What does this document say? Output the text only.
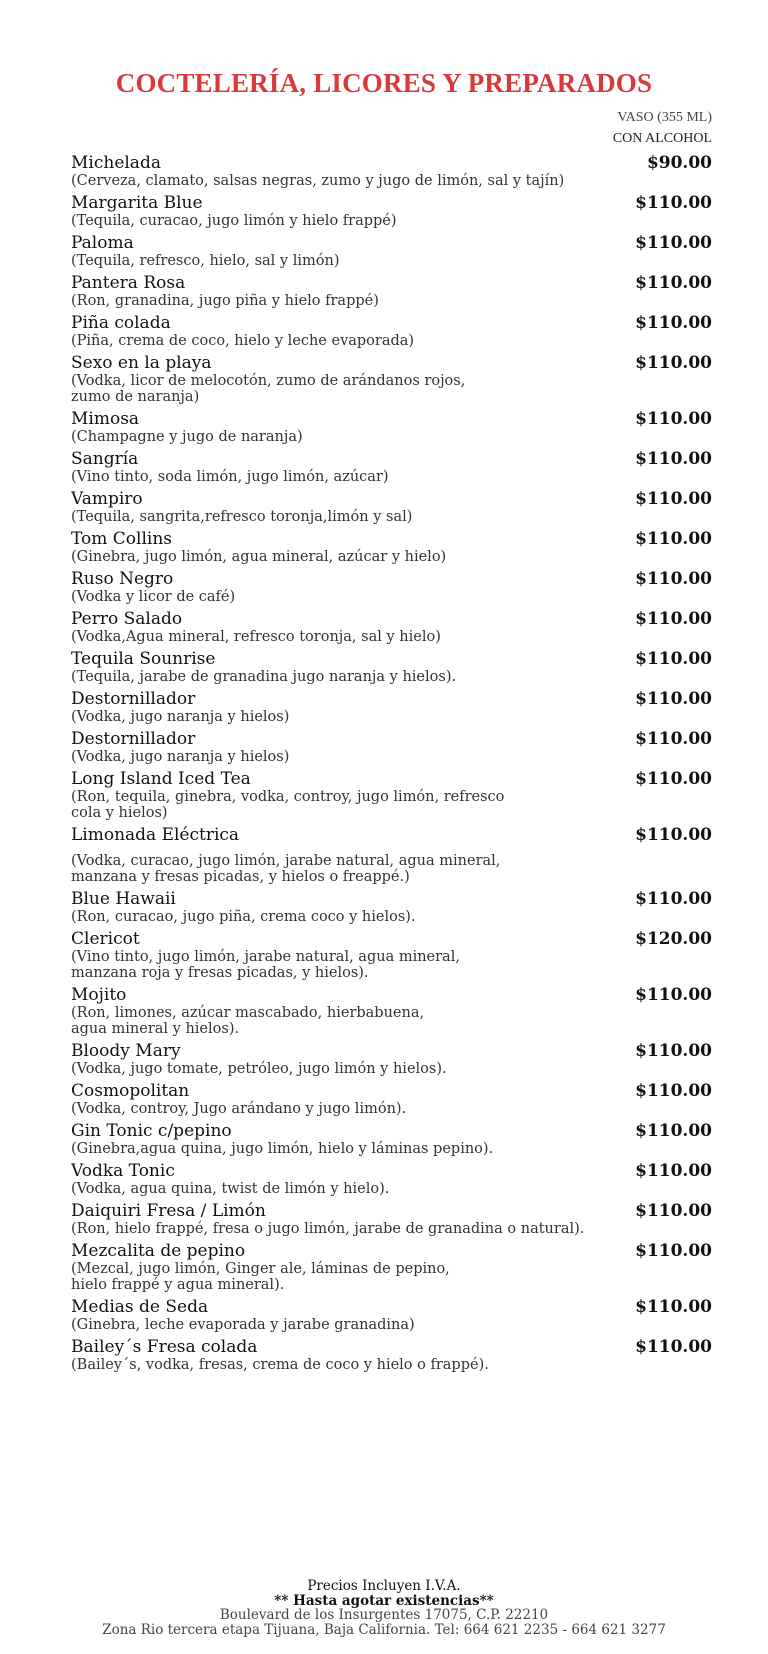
COCTELERÍA, LICORES Y PREPARADOS
VASO (355 ML)
CON ALCOHOL
Michelada
(Cerveza, clamato, salsas negras, zumo y jugo de limón, sal y tajín)
$90.00
Margarita Blue
(Tequila, curacao, jugo limón y hielo frappé)
$110.00
Paloma
(Tequila, refresco, hielo, sal y limón)
$110.00
Pantera Rosa
(Ron, granadina, jugo piña y hielo frappé)
$110.00
Piña colada
(Piña, crema de coco, hielo y leche evaporada)
$110.00
Sexo en la playa
(Vodka, licor de melocotón, zumo de arándanos rojos,
zumo de naranja)
$110.00
Mimosa
(Champagne y jugo de naranja)
$110.00
Sangría
(Vino tinto, soda limón, jugo limón, azúcar)
$110.00
Vampiro
(Tequila, sangrita,refresco toronja,limón y sal)
$110.00
Tom Collins
(Ginebra, jugo limón, agua mineral, azúcar y hielo)
$110.00
Ruso Negro
(Vodka y licor de café)
$110.00
Perro Salado
(Vodka,Agua mineral, refresco toronja, sal y hielo)
$110.00
Tequila Sounrise
(Tequila, jarabe de granadina jugo naranja y hielos).
$110.00
Destornillador
(Vodka, jugo naranja y hielos)
$110.00
Destornillador
(Vodka, jugo naranja y hielos)
$110.00
Long Island Iced Tea
(Ron, tequila, ginebra, vodka, controy, jugo limón, refresco
cola y hielos)
$110.00
Limonada Eléctrica
(Vodka, curacao, jugo limón, jarabe natural, agua mineral,
manzana y fresas picadas, y hielos o freappé.)
$110.00
Blue Hawaii
(Ron, curacao, jugo piña, crema coco y hielos).
$110.00
Clericot
(Vino tinto, jugo limón, jarabe natural, agua mineral,
manzana roja y fresas picadas, y hielos).
$120.00
Mojito
(Ron, limones, azúcar mascabado, hierbabuena,
agua mineral y hielos).
$110.00
Bloody Mary
(Vodka, jugo tomate, petróleo, jugo limón y hielos).
$110.00
Cosmopolitan
(Vodka, controy, Jugo arándano y jugo limón).
$110.00
Gin Tonic c/pepino
(Ginebra,agua quina, jugo limón, hielo y láminas pepino).
$110.00
Vodka Tonic
(Vodka, agua quina, twist de limón y hielo).
$110.00
Daiquiri Fresa / Limón
(Ron, hielo frappé, fresa o jugo limón, jarabe de granadina o natural).
$110.00
Mezcalita de pepino
(Mezcal, jugo limón, Ginger ale, láminas de pepino,
hielo frappé y agua mineral).
$110.00
Medias de Seda
(Ginebra, leche evaporada y jarabe granadina)
$110.00
Bailey´s Fresa colada
(Bailey´s, vodka, fresas, crema de coco y hielo o frappé).
$110.00
Precios Incluyen I.V.A.
** Hasta agotar existencias**
Boulevard de los Insurgentes 17075, C.P. 22210
Zona Rio tercera etapa Tijuana, Baja California. Tel: 664 621 2235 - 664 621 3277
